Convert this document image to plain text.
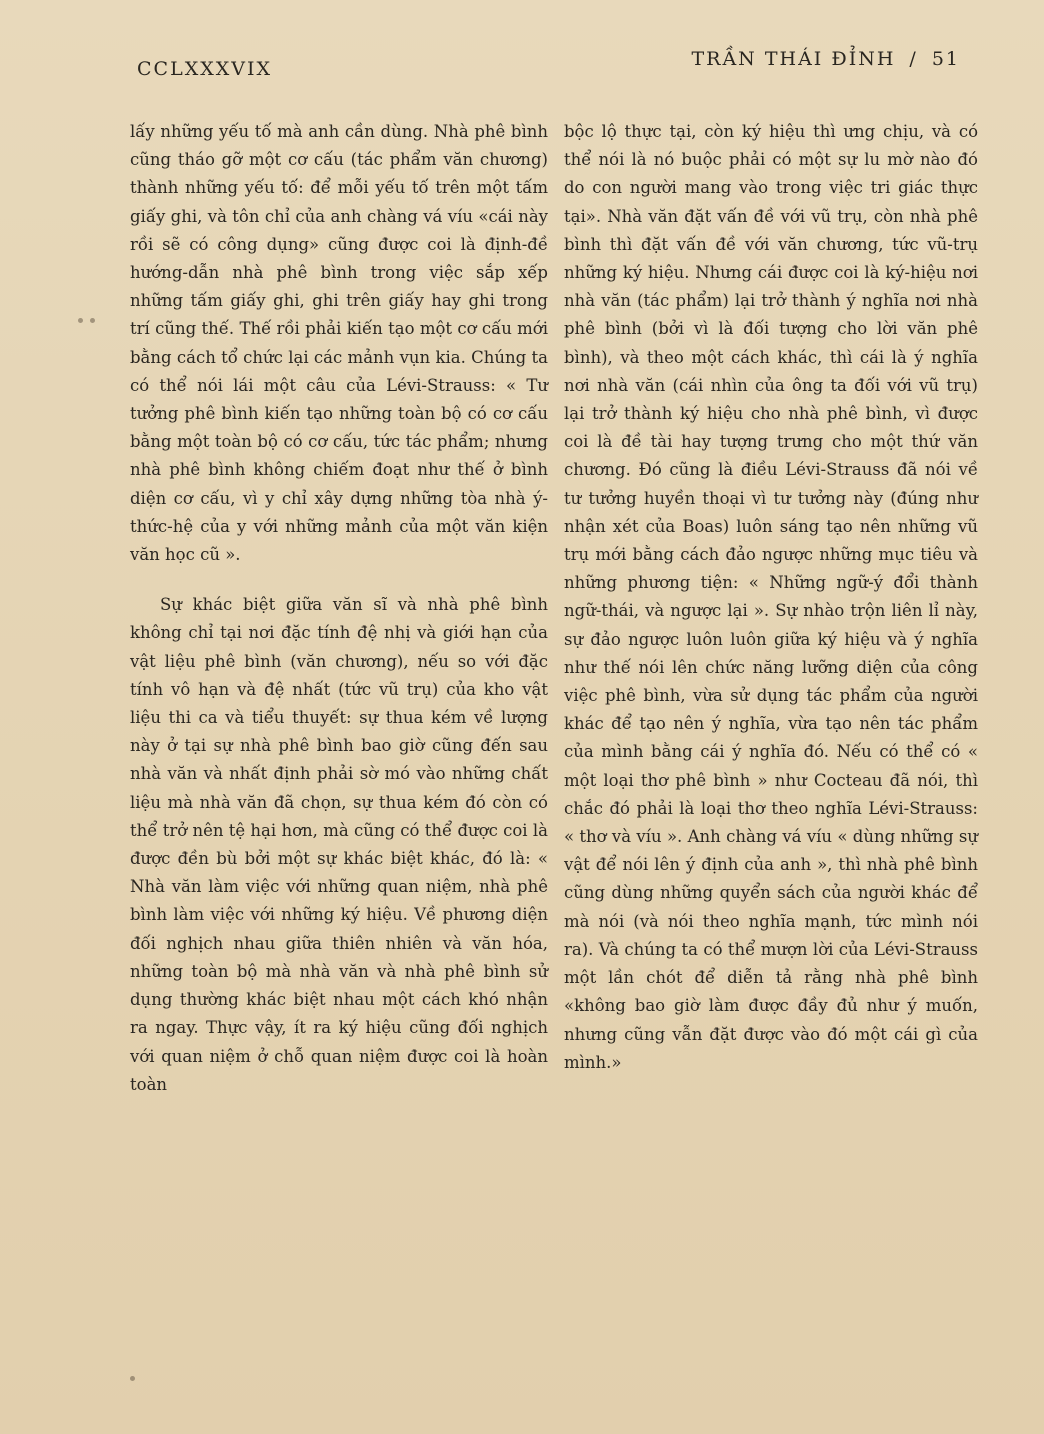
CCLXXXVIX	TRẦN THÁI ĐỈNH / 51

lấy những yếu tố mà anh cần dùng. Nhà phê bình cũng tháo gỡ một cơ cấu (tác phẩm văn chương) thành những yếu tố: để mỗi yếu tố trên một tấm giấy ghi, và tôn chỉ của anh chàng vá víu «cái này rồi sẽ có công dụng» cũng được coi là định-đề hướng-dẫn nhà phê bình trong việc sắp xếp những tấm giấy ghi, ghi trên giấy hay ghi trong trí cũng thế. Thế rồi phải kiến tạo một cơ cấu mới bằng cách tổ chức lại các mảnh vụn kia. Chúng ta có thể nói lái một câu của Lévi-Strauss: « Tư tưởng phê bình kiến tạo những toàn bộ có cơ cấu bằng một toàn bộ có cơ cấu, tức tác phẩm; nhưng nhà phê bình không chiếm đoạt như thế ở bình diện cơ cấu, vì y chỉ xây dựng những tòa nhà ý-thức-hệ của y với những mảnh của một văn kiện văn học cũ ».

Sự khác biệt giữa văn sĩ và nhà phê bình không chỉ tại nơi đặc tính đệ nhị và giới hạn của vật liệu phê bình (văn chương), nếu so với đặc tính vô hạn và đệ nhất (tức vũ trụ) của kho vật liệu thi ca và tiểu thuyết: sự thua kém về lượng này ở tại sự nhà phê bình bao giờ cũng đến sau nhà văn và nhất định phải sờ mó vào những chất liệu mà nhà văn đã chọn, sự thua kém đó còn có thể trở nên tệ hại hơn, mà cũng có thể được coi là được đền bù bởi một sự khác biệt khác, đó là: « Nhà văn làm việc với những quan niệm, nhà phê bình làm việc với những ký hiệu. Về phương diện đối nghịch nhau giữa thiên nhiên và văn hóa, những toàn bộ mà nhà văn và nhà phê bình sử dụng thường khác biệt nhau một cách khó nhận ra ngay. Thực vậy, ít ra ký hiệu cũng đối nghịch với quan niệm ở chỗ quan niệm được coi là hoàn toàn

bộc lộ thực tại, còn ký hiệu thì ưng chịu, và có thể nói là nó buộc phải có một sự lu mờ nào đó do con người mang vào trong việc tri giác thực tại». Nhà văn đặt vấn đề với vũ trụ, còn nhà phê bình thì đặt vấn đề với văn chương, tức vũ-trụ những ký hiệu. Nhưng cái được coi là ký-hiệu nơi nhà văn (tác phẩm) lại trở thành ý nghĩa nơi nhà phê bình (bởi vì là đối tượng cho lời văn phê bình), và theo một cách khác, thì cái là ý nghĩa nơi nhà văn (cái nhìn của ông ta đối với vũ trụ) lại trở thành ký hiệu cho nhà phê bình, vì được coi là đề tài hay tượng trưng cho một thứ văn chương. Đó cũng là điều Lévi-Strauss đã nói về tư tưởng huyền thoại vì tư tưởng này (đúng như nhận xét của Boas) luôn sáng tạo nên những vũ trụ mới bằng cách đảo ngược những mục tiêu và những phương tiện: « Những ngữ-ý đổi thành ngữ-thái, và ngược lại ». Sự nhào trộn liên lỉ này, sự đảo ngược luôn luôn giữa ký hiệu và ý nghĩa như thế nói lên chức năng lưỡng diện của công việc phê bình, vừa sử dụng tác phẩm của người khác để tạo nên ý nghĩa, vừa tạo nên tác phẩm của mình bằng cái ý nghĩa đó. Nếu có thể có « một loại thơ phê bình » như Cocteau đã nói, thì chắc đó phải là loại thơ theo nghĩa Lévi-Strauss: « thơ và víu ». Anh chàng vá víu « dùng những sự vật để nói lên ý định của anh », thì nhà phê bình cũng dùng những quyển sách của người khác để mà nói (và nói theo nghĩa mạnh, tức mình nói ra). Và chúng ta có thể mượn lời của Lévi-Strauss một lần chót để diễn tả rằng nhà phê bình «không bao giờ làm được đầy đủ như ý muốn, nhưng cũng vẫn đặt được vào đó một cái gì của mình.»
